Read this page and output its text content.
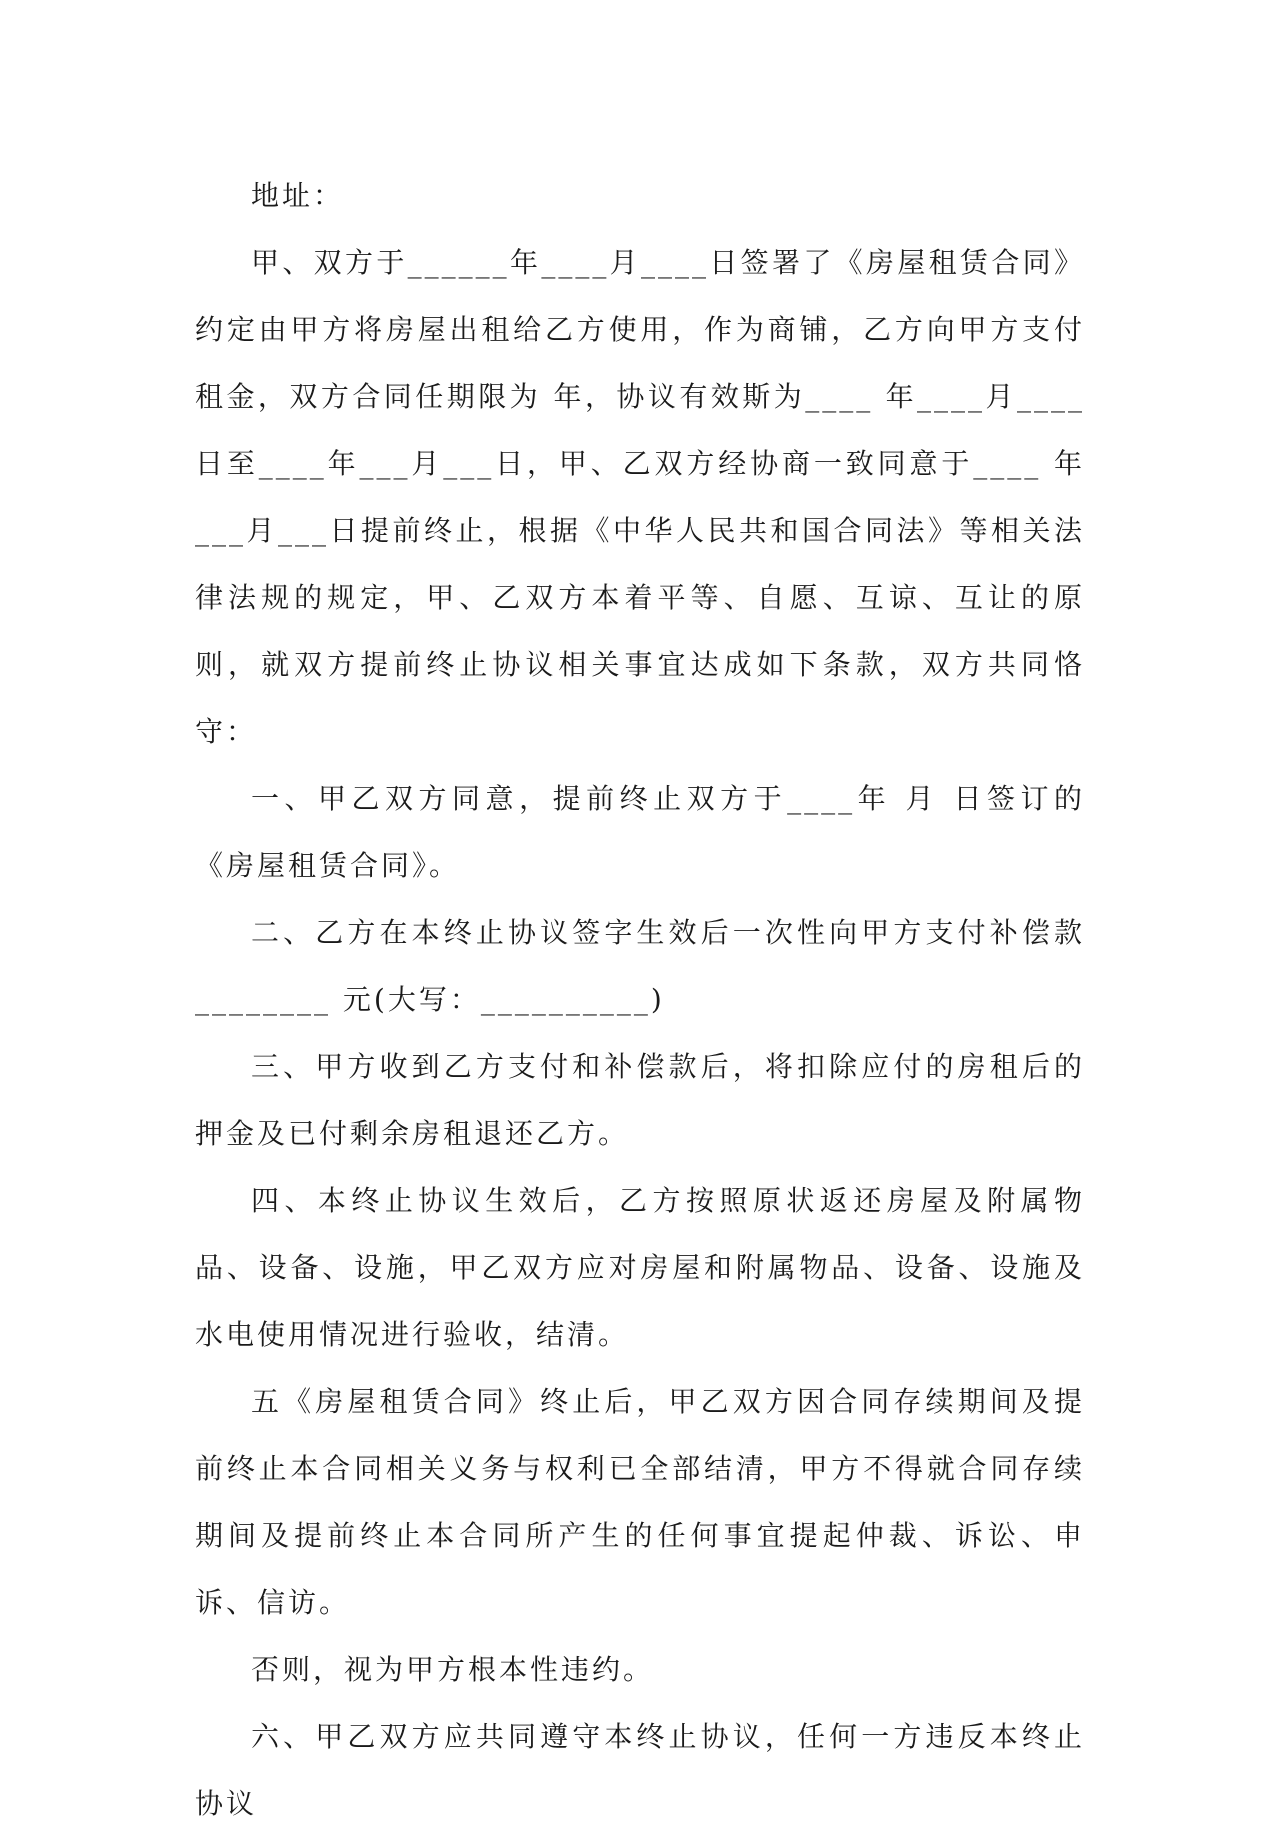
地址：

甲、双方于______年____月____日签署了《房屋租赁合同》约定由甲方将房屋出租给乙方使用，作为商铺，乙方向甲方支付租金，双方合同任期限为 年，协议有效斯为____ 年____月____ 日至____年___月___日，甲、乙双方经协商一致同意于____ 年___月___日提前终止，根据《中华人民共和国合同法》等相关法律法规的规定，甲、乙双方本着平等、自愿、互谅、互让的原则，就双方提前终止协议相关事宜达成如下条款，双方共同恪守：

一、甲乙双方同意，提前终止双方于____年 月 日签订的《房屋租赁合同》。

二、乙方在本终止协议签字生效后一次性向甲方支付补偿款________ 元(大写：__________)

三、甲方收到乙方支付和补偿款后，将扣除应付的房租后的押金及已付剩余房租退还乙方。

四、本终止协议生效后，乙方按照原状返还房屋及附属物品、设备、设施，甲乙双方应对房屋和附属物品、设备、设施及水电使用情况进行验收，结清。

五《房屋租赁合同》终止后，甲乙双方因合同存续期间及提前终止本合同相关义务与权利已全部结清，甲方不得就合同存续期间及提前终止本合同所产生的任何事宜提起仲裁、诉讼、申诉、信访。

否则，视为甲方根本性违约。

六、甲乙双方应共同遵守本终止协议，任何一方违反本终止协议
